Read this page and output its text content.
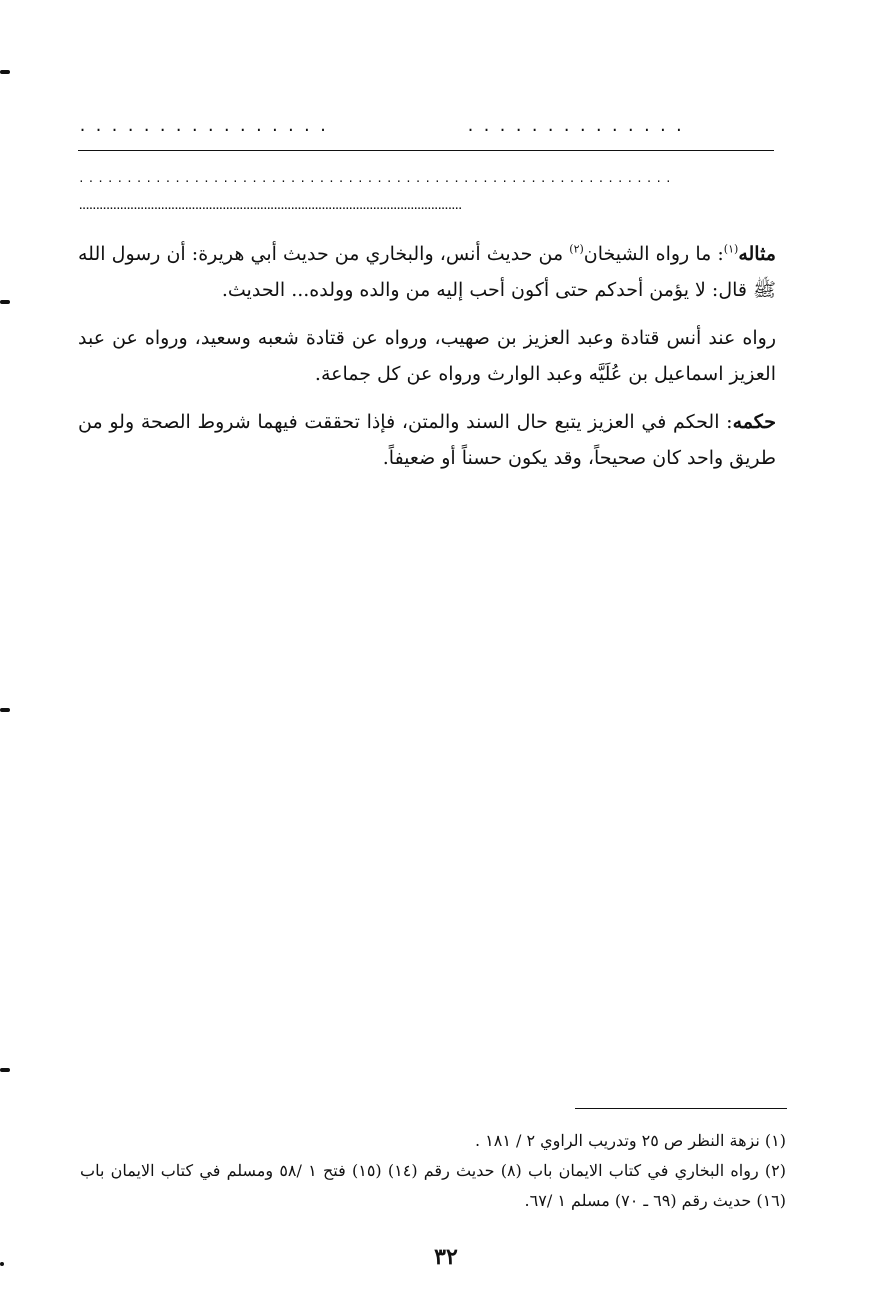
................	..............
..............................................................
................................................................................................................

مثاله$^{(١)}$: ما رواه الشيخان$^{(٢)}$ من حديث أنس، والبخاري من حديث أبي هريرة: أن رسول الله ﷺ قال: لا يؤمن أحدكم حتى أكون أحب إليه من والده وولده... الحديث.

رواه عند أنس قتادة وعبد العزيز بن صهيب، ورواه عن قتادة شعبه وسعيد، ورواه عن عبد العزيز اسماعيل بن عُلَيَّه وعبد الوارث ورواه عن كل جماعة.

حكمه: الحكم في العزيز يتبع حال السند والمتن، فإذا تحققت فيهما شروط الصحة ولو من طريق واحد كان صحيحاً، وقد يكون حسناً أو ضعيفاً.

(١) نزهة النظر ص ٢٥ وتدريب الراوي ٢ / ١٨١ .

(٢) رواه البخاري في كتاب الايمان باب (٨) حديث رقم (١٤) (١٥) فتح ١ /٥٨ ومسلم في كتاب الايمان باب (١٦) حديث رقم (٦٩ ـ ٧٠) مسلم ١ /٦٧.

٣٢
